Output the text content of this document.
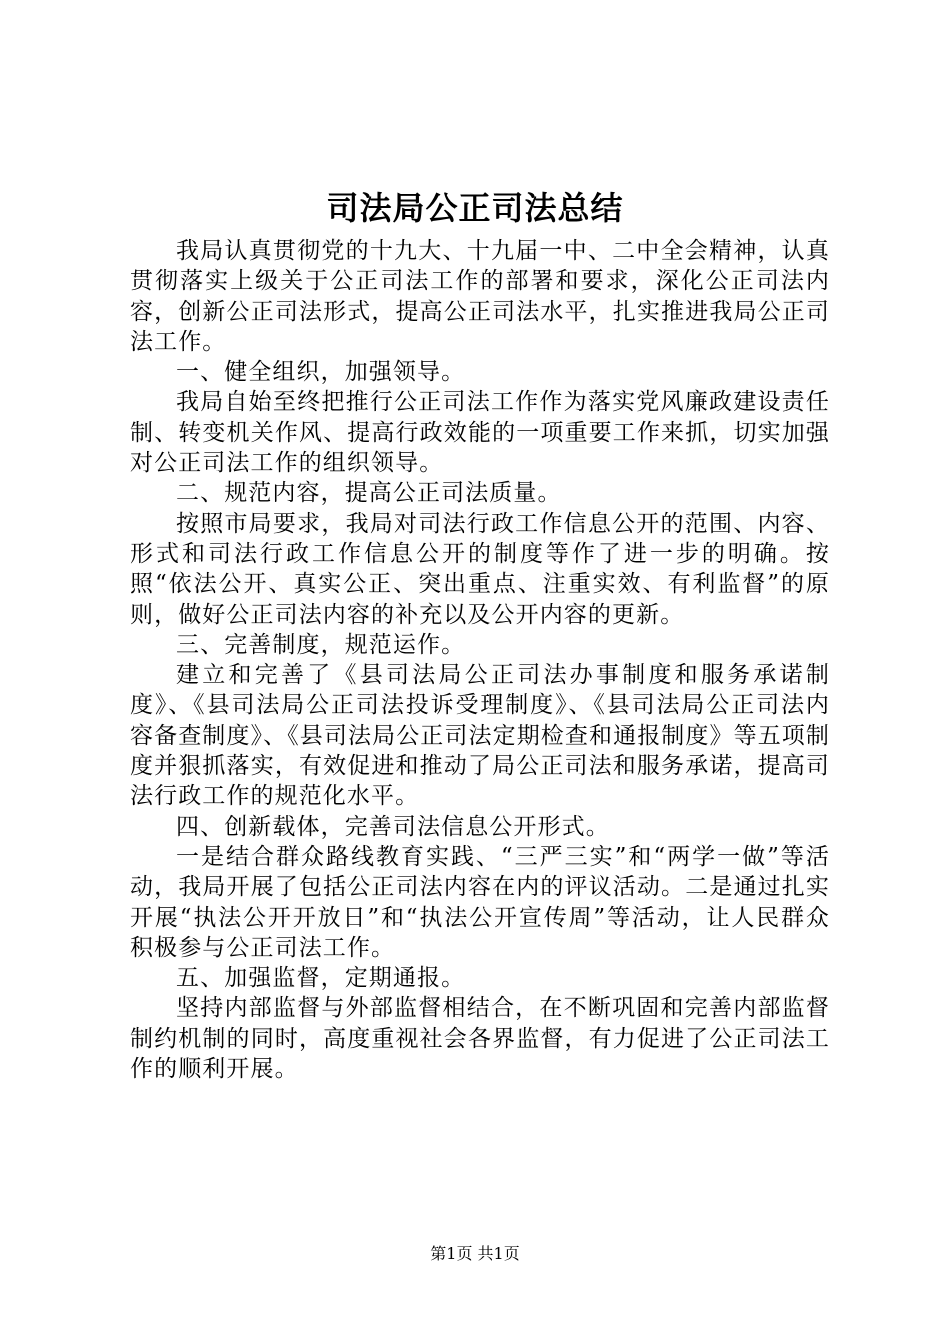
司法局公正司法总结

我局认真贯彻党的十九大、十九届一中、二中全会精神，认真贯彻落实上级关于公正司法工作的部署和要求，深化公正司法内容，创新公正司法形式，提高公正司法水平，扎实推进我局公正司法工作。

一、健全组织，加强领导。

我局自始至终把推行公正司法工作作为落实党风廉政建设责任制、转变机关作风、提高行政效能的一项重要工作来抓，切实加强对公正司法工作的组织领导。

二、规范内容，提高公正司法质量。

按照市局要求，我局对司法行政工作信息公开的范围、内容、形式和司法行政工作信息公开的制度等作了进一步的明确。按照“依法公开、真实公正、突出重点、注重实效、有利监督”的原则，做好公正司法内容的补充以及公开内容的更新。

三、完善制度，规范运作。

建立和完善了《县司法局公正司法办事制度和服务承诺制度》、《县司法局公正司法投诉受理制度》、《县司法局公正司法内容备查制度》、《县司法局公正司法定期检查和通报制度》等五项制度并狠抓落实，有效促进和推动了局公正司法和服务承诺，提高司法行政工作的规范化水平。

四、创新载体，完善司法信息公开形式。

一是结合群众路线教育实践、“三严三实”和“两学一做”等活动，我局开展了包括公正司法内容在内的评议活动。二是通过扎实开展“执法公开开放日”和“执法公开宣传周”等活动，让人民群众积极参与公正司法工作。

五、加强监督，定期通报。

坚持内部监督与外部监督相结合，在不断巩固和完善内部监督制约机制的同时，高度重视社会各界监督，有力促进了公正司法工作的顺利开展。

第1页 共1页
